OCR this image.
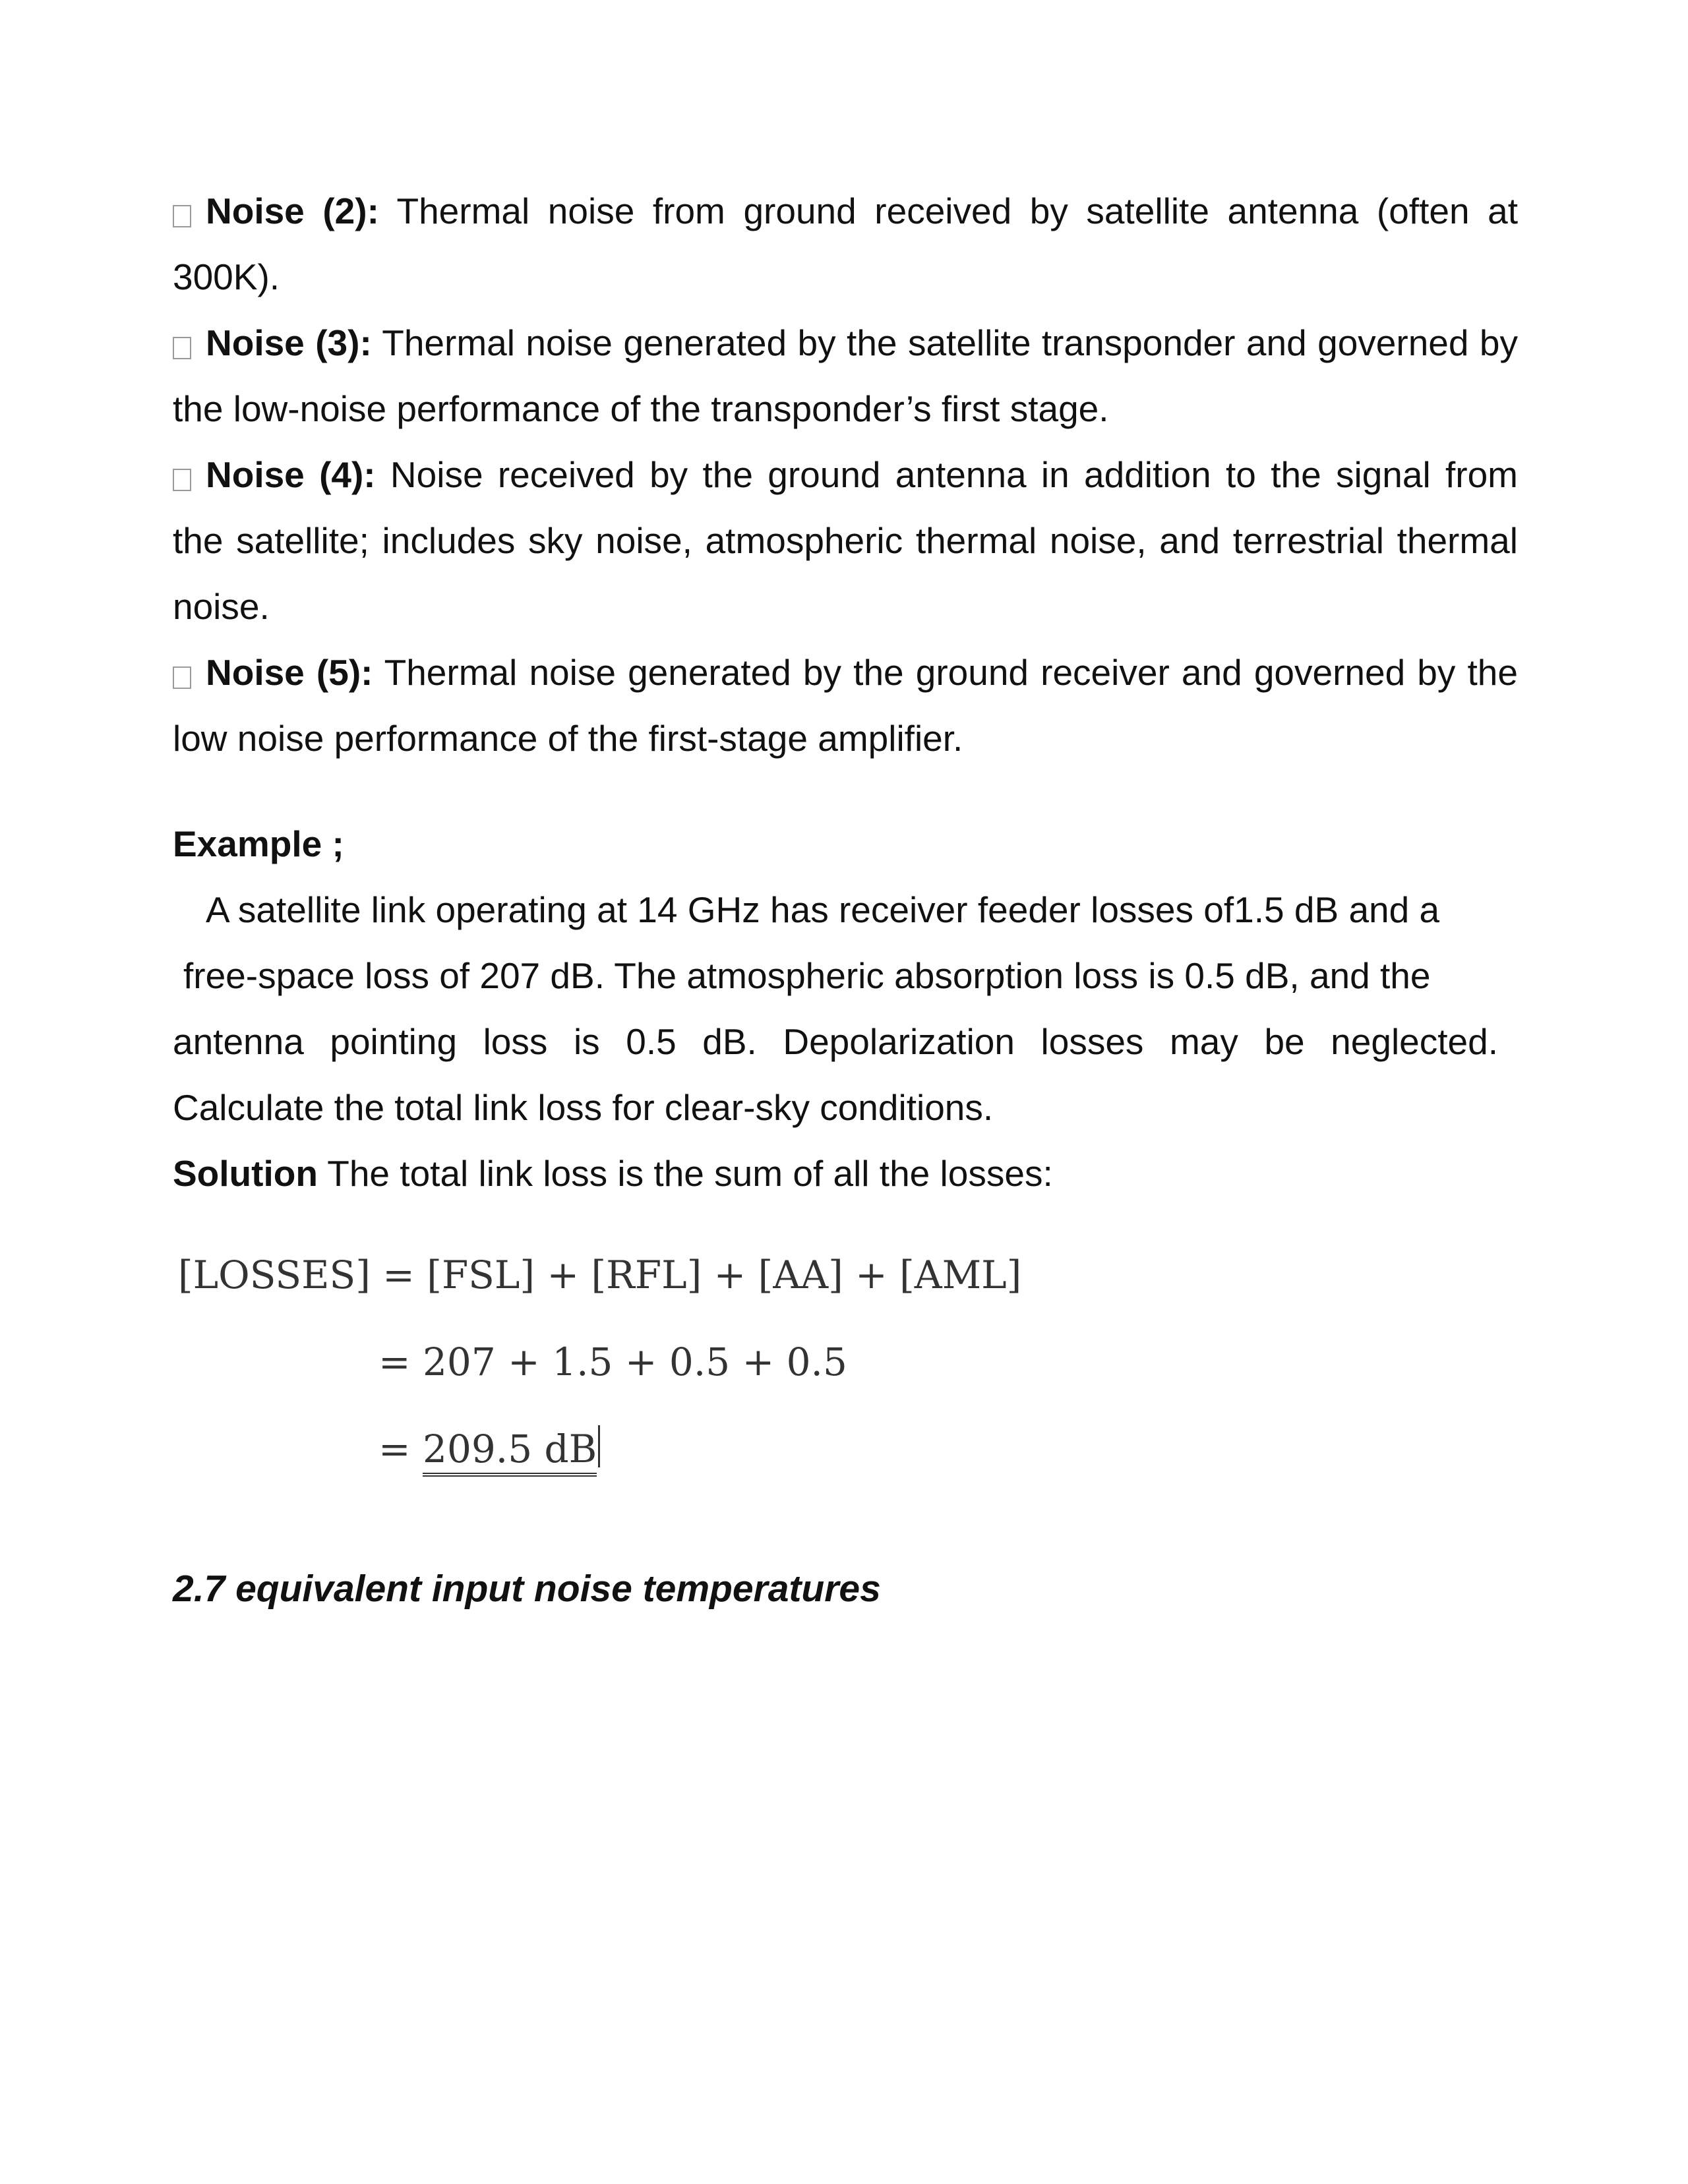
Noise (2): Thermal noise from ground received by satellite antenna (often at 300K).

Noise (3): Thermal noise generated by the satellite transponder and governed by the low-noise performance of the transponder’s first stage.

Noise (4): Noise received by the ground antenna in addition to the signal from the satellite; includes sky noise, atmospheric thermal noise, and terrestrial thermal noise.

Noise (5): Thermal noise generated by the ground receiver and governed by the low noise performance of the first-stage amplifier.

Example ;

A satellite link operating at 14 GHz has receiver feeder losses of1.5 dB and a

free-space loss of 207 dB. The atmospheric absorption loss is 0.5 dB, and the

antenna pointing loss is 0.5 dB. Depolarization losses may be neglected.

Calculate the total link loss for clear-sky conditions.

Solution The total link loss is the sum of all the losses:

[LOSSES] = [FSL] + [RFL] + [AA] + [AML]
= 207 + 1.5 + 0.5 + 0.5
= 209.5 dB

2.7 equivalent input noise temperatures
